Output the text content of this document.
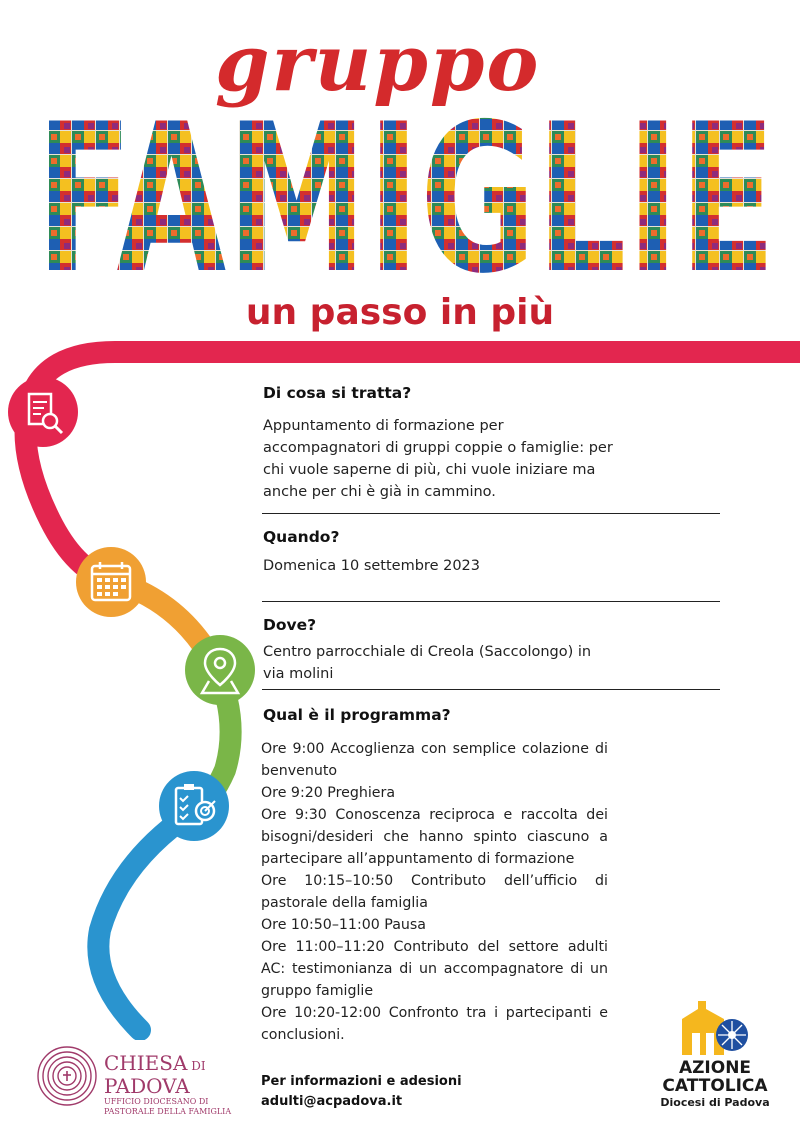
gruppo
FAMIGLIE
un passo in più
Di cosa si tratta?
Appuntamento di formazione per accompagnatori di gruppi coppie o famiglie: per chi vuole saperne di più, chi vuole iniziare ma anche per chi è già in cammino.
Quando?
Domenica 10 settembre 2023
Dove?
Centro parrocchiale di Creola (Saccolongo) in via molini
Qual è il programma?

Ore 9:00 Accoglienza con semplice colazione di benvenuto

Ore 9:20 Preghiera

Ore 9:30 Conoscenza reciproca e raccolta dei bisogni/desideri che hanno spinto ciascuno a partecipare all’appuntamento di formazione

Ore 10:15–10:50 Contributo dell’ufficio di pastorale della famiglia

Ore 10:50–11:00 Pausa

Ore 11:00–11:20 Contributo del settore adulti AC: testimonianza di un accompagnatore di un gruppo famiglie

Ore 10:20-12:00 Confronto tra i partecipanti e conclusioni.

Per informazioni e adesioni
adulti@acpadova.it
CHIESA DI
PADOVA
UFFICIO DIOCESANO DI
PASTORALE DELLA FAMIGLIA
AZIONE
CATTOLICA
Diocesi di Padova
